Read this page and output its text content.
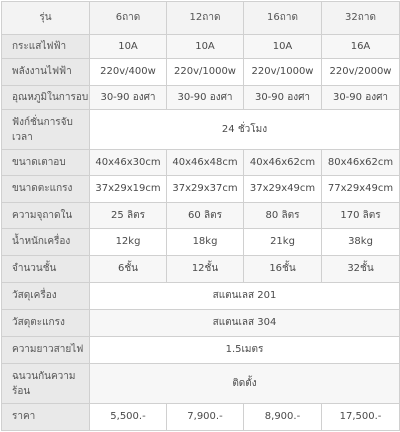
รุ่น	6ถาด	12ถาด	16ถาด	32ถาด
กระแสไฟฟ้า	10A	10A	10A	16A
พลังงานไฟฟ้า	220v/400w	220v/1000w	220v/1000w	220v/2000w
อุณหภูมิในการอบ	30-90 องศา	30-90 องศา	30-90 องศา	30-90 องศา
ฟังก์ชั่นการจับเวลา	24 ชั่วโมง			
ขนาดเตาอบ	40x46x30cm	40x46x48cm	40x46x62cm	80x46x62cm
ขนาดตะแกรง	37x29x19cm	37x29x37cm	37x29x49cm	77x29x49cm
ความจุถาดใน	25 ลิตร	60 ลิตร	80 ลิตร	170 ลิตร
น้ำหนักเครื่อง	12kg	18kg	21kg	38kg
จำนวนชั้น	6ชั้น	12ชั้น	16ชั้น	32ชั้น
วัสดุเครื่อง	สแตนเลส 201			
วัสดุตะแกรง	สแตนเลส 304			
ความยาวสายไฟ	1.5เมตร			
ฉนวนกันความร้อน	ติดตั้ง			
ราคา	5,500.-	7,900.-	8,900.-	17,500.-
